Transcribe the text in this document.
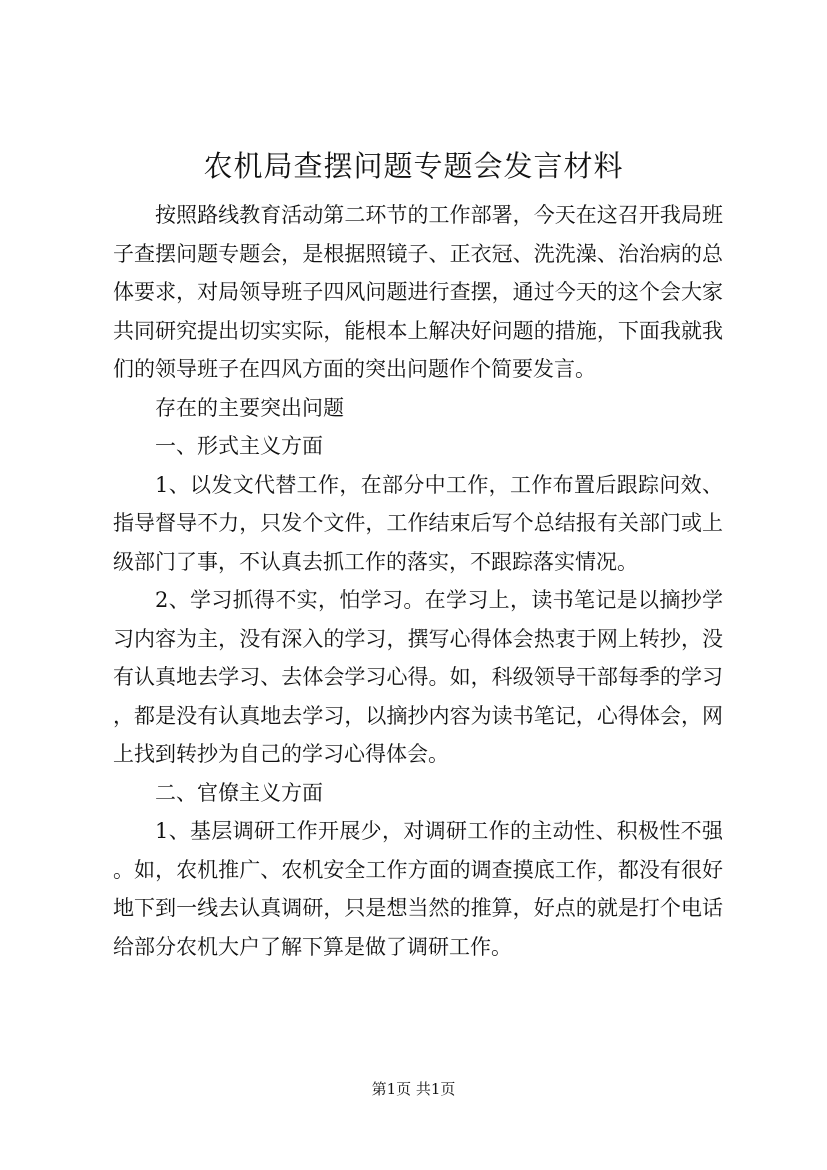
农机局查摆问题专题会发言材料

按照路线教育活动第二环节的工作部署，今天在这召开我局班子查摆问题专题会，是根据照镜子、正衣冠、洗洗澡、治治病的总体要求，对局领导班子四风问题进行查摆，通过今天的这个会大家共同研究提出切实实际，能根本上解决好问题的措施，下面我就我们的领导班子在四风方面的突出问题作个简要发言。

存在的主要突出问题

一、形式主义方面

1、以发文代替工作，在部分中工作，工作布置后跟踪问效、指导督导不力，只发个文件，工作结束后写个总结报有关部门或上级部门了事，不认真去抓工作的落实，不跟踪落实情况。

2、学习抓得不实，怕学习。在学习上，读书笔记是以摘抄学习内容为主，没有深入的学习，撰写心得体会热衷于网上转抄，没有认真地去学习、去体会学习心得。如，科级领导干部每季的学习，都是没有认真地去学习，以摘抄内容为读书笔记，心得体会，网上找到转抄为自己的学习心得体会。

二、官僚主义方面

1、基层调研工作开展少，对调研工作的主动性、积极性不强。如，农机推广、农机安全工作方面的调查摸底工作，都没有很好地下到一线去认真调研，只是想当然的推算，好点的就是打个电话给部分农机大户了解下算是做了调研工作。

第1页 共1页
